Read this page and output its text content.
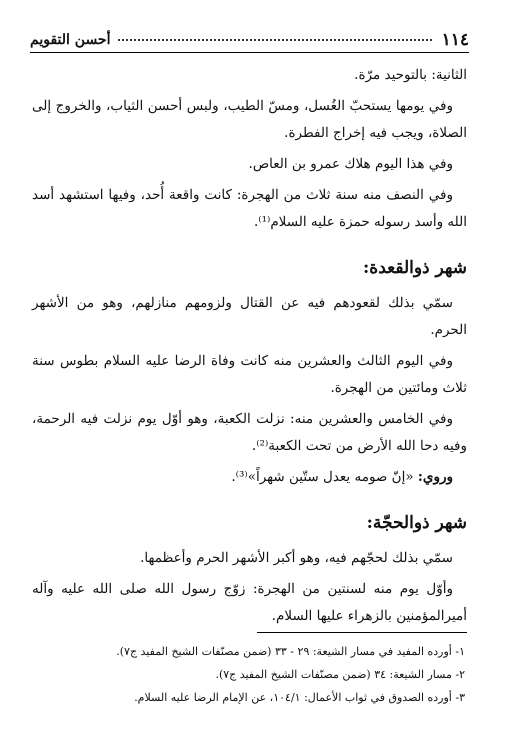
١١٤
أحسن التقويم

الثانية: بالتوحيد مرّة.

وفي يومها يستحبّ الغُسل، ومسّ الطيب، ولبس أحسن الثياب، والخروج إلى الصلاة، ويجب فيه إخراج الفطرة.

وفي هذا اليوم هلاك عمرو بن العاص.

وفي النصف منه سنة ثلاث من الهجرة: كانت واقعة أُحد، وفيها استشهد أسد الله وأسد رسوله حمزة عليه السلام⁽¹⁾.

شهر ذوالقعدة:

سمّي بذلك لقعودهم فيه عن القتال ولزومهم منازلهم، وهو من الأشهر الحرم.

وفي اليوم الثالث والعشرين منه كانت وفاة الرضا عليه السلام بطوس سنة ثلاث ومائتين من الهجرة.

وفي الخامس والعشرين منه: نزلت الكعبة، وهو أوّل يوم نزلت فيه الرحمة، وفيه دحا الله الأرض من تحت الكعبة⁽²⁾.

وروي: «إنّ صومه يعدل ستّين شهراً»⁽³⁾.

شهر ذوالحجّة:

سمّي بذلك لحجّهم فيه، وهو أكبر الأشهر الحرم وأعظمها.

وأوّل يوم منه لسنتين من الهجرة: زوّج رسول الله صلى الله عليه وآله أميرالمؤمنين بالزهراء عليها السلام.

١- أورده المفيد في مسار الشيعة: ٢٩ - ٣٣ (ضمن مصنّفات الشيخ المفيد ج٧).
٢- مسار الشيعة: ٣٤ (ضمن مصنّفات الشيخ المفيد ج٧).
٣- أورده الصدوق في ثواب الأعمال: ١٠٤/١، عن الإمام الرضا عليه السلام.
